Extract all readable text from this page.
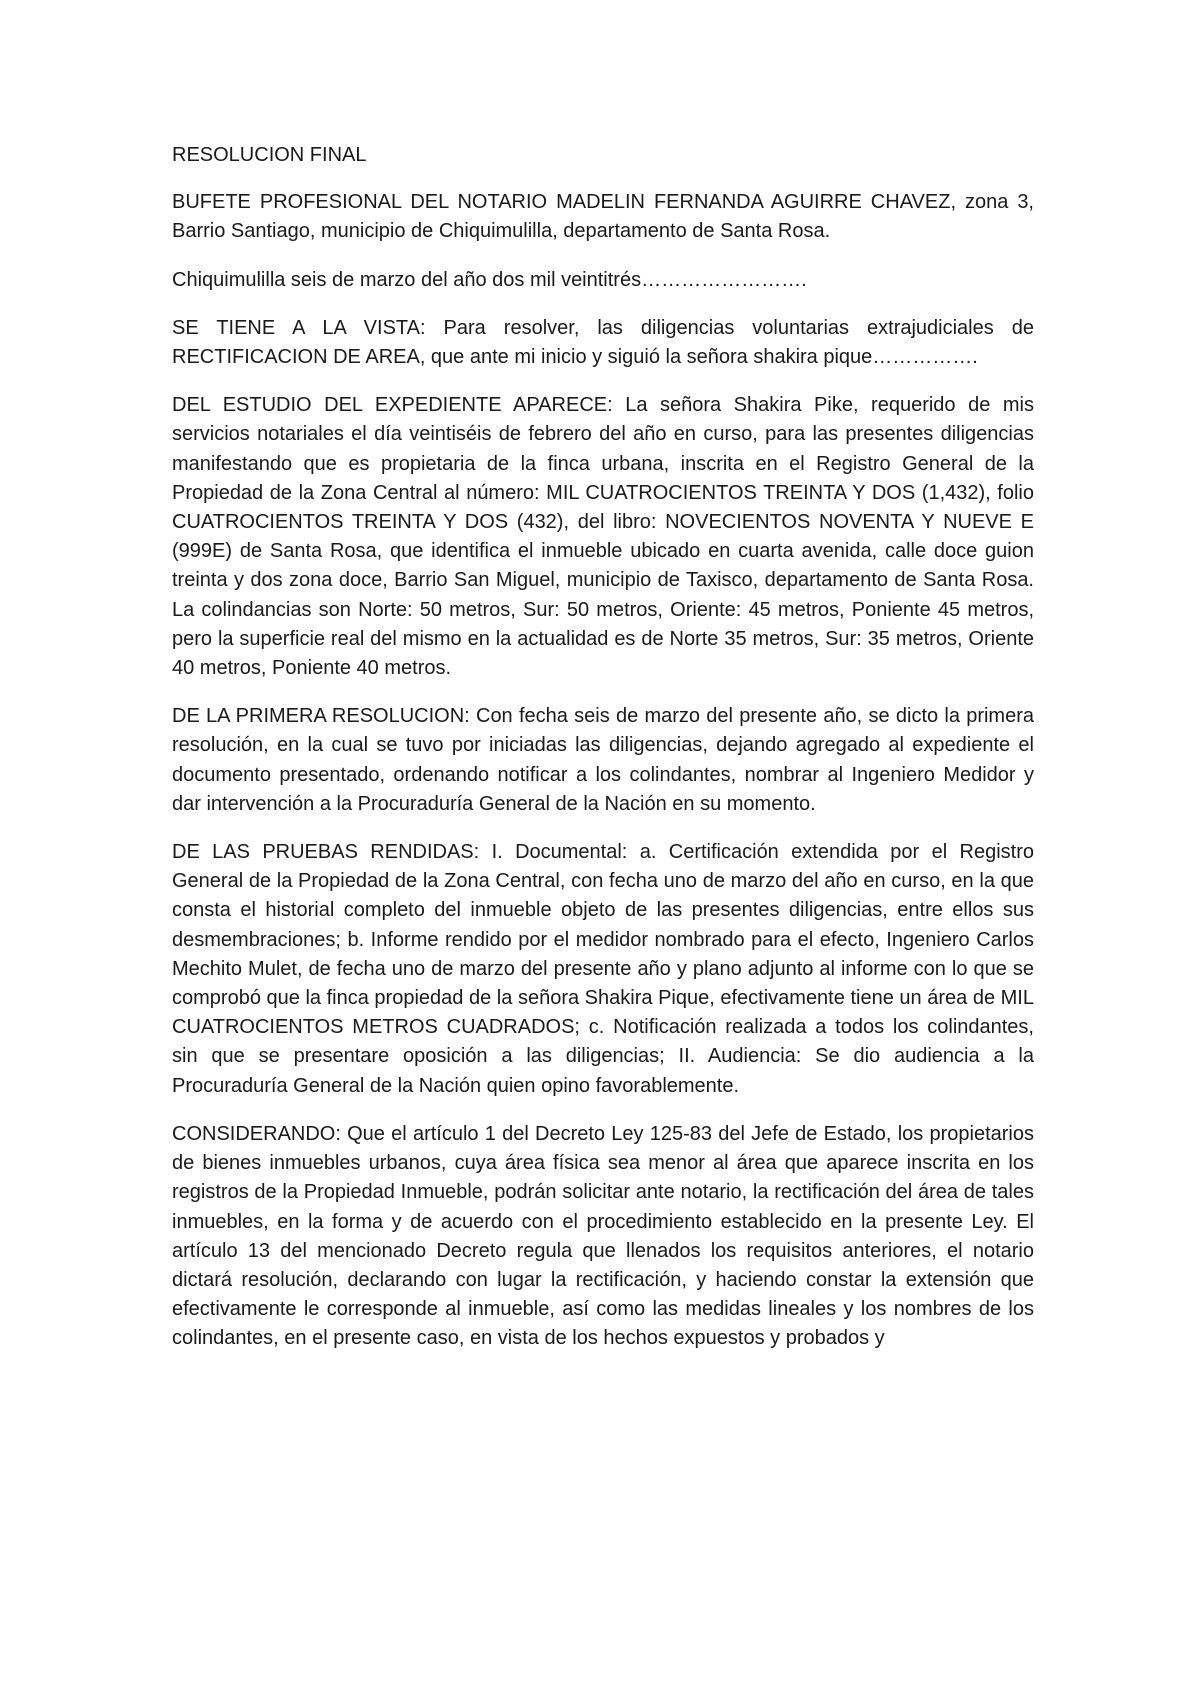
RESOLUCION FINAL

BUFETE PROFESIONAL DEL NOTARIO MADELIN FERNANDA AGUIRRE CHAVEZ, zona 3, Barrio Santiago, municipio de Chiquimulilla, departamento de Santa Rosa.

Chiquimulilla seis de marzo del año dos mil veintitrés…………………….

SE TIENE A LA VISTA: Para resolver, las diligencias voluntarias extrajudiciales de RECTIFICACION DE AREA, que ante mi inicio y siguió la señora shakira pique…………….

DEL ESTUDIO DEL EXPEDIENTE APARECE: La señora Shakira Pike, requerido de mis servicios notariales el día veintiséis de febrero del año en curso, para las presentes diligencias manifestando que es propietaria de la finca urbana, inscrita en el Registro General de la Propiedad de la Zona Central al número: MIL CUATROCIENTOS TREINTA Y DOS (1,432), folio CUATROCIENTOS TREINTA Y DOS (432), del libro: NOVECIENTOS NOVENTA Y NUEVE E (999E) de Santa Rosa, que identifica el inmueble ubicado en cuarta avenida, calle doce guion treinta y dos zona doce, Barrio San Miguel, municipio de Taxisco, departamento de Santa Rosa. La colindancias son Norte: 50 metros, Sur: 50 metros, Oriente: 45 metros, Poniente 45 metros, pero la superficie real del mismo en la actualidad es de Norte 35 metros, Sur: 35 metros, Oriente 40 metros, Poniente 40 metros.

DE LA PRIMERA RESOLUCION: Con fecha seis de marzo del presente año, se dicto la primera resolución, en la cual se tuvo por iniciadas las diligencias, dejando agregado al expediente el documento presentado, ordenando notificar a los colindantes, nombrar al Ingeniero Medidor y dar intervención a la Procuraduría General de la Nación en su momento.

DE LAS PRUEBAS RENDIDAS: I. Documental: a. Certificación extendida por el Registro General de la Propiedad de la Zona Central, con fecha uno de marzo del año en curso, en la que consta el historial completo del inmueble objeto de las presentes diligencias, entre ellos sus desmembraciones; b. Informe rendido por el medidor nombrado para el efecto, Ingeniero Carlos Mechito Mulet, de fecha uno de marzo del presente año y plano adjunto al informe con lo que se comprobó que la finca propiedad de la señora Shakira Pique, efectivamente tiene un área de MIL CUATROCIENTOS METROS CUADRADOS; c. Notificación realizada a todos los colindantes, sin que se presentare oposición a las diligencias; II. Audiencia: Se dio audiencia a la Procuraduría General de la Nación quien opino favorablemente.

CONSIDERANDO: Que el artículo 1 del Decreto Ley 125-83 del Jefe de Estado, los propietarios de bienes inmuebles urbanos, cuya área física sea menor al área que aparece inscrita en los registros de la Propiedad Inmueble, podrán solicitar ante notario, la rectificación del área de tales inmuebles, en la forma y de acuerdo con el procedimiento establecido en la presente Ley. El artículo 13 del mencionado Decreto regula que llenados los requisitos anteriores, el notario dictará resolución, declarando con lugar la rectificación, y haciendo constar la extensión que efectivamente le corresponde al inmueble, así como las medidas lineales y los nombres de los colindantes, en el presente caso, en vista de los hechos expuestos y probados y
